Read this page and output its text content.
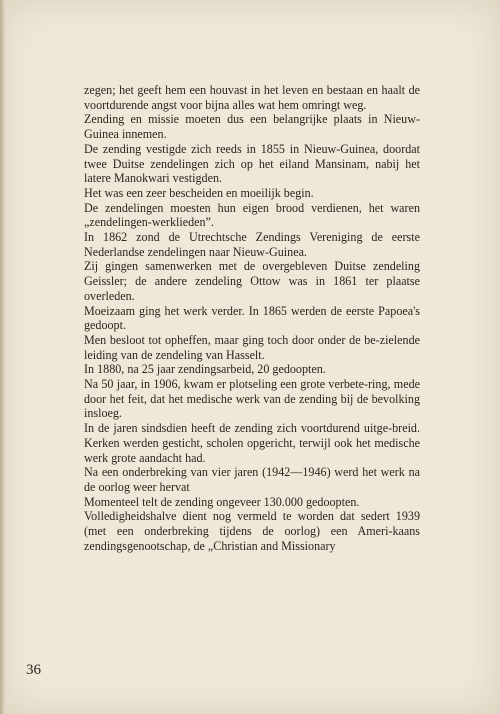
zegen; het geeft hem een houvast in het leven en bestaan en haalt de voortdurende angst voor bijna alles wat hem omringt weg.

Zending en missie moeten dus een belangrijke plaats in Nieuw-Guinea innemen.

De zending vestigde zich reeds in 1855 in Nieuw-Guinea, doordat twee Duitse zendelingen zich op het eiland Mansinam, nabij het latere Manokwari vestigden.

Het was een zeer bescheiden en moeilijk begin.

De zendelingen moesten hun eigen brood verdienen, het waren „zendelingen-werklieden”.

In 1862 zond de Utrechtsche Zendings Vereniging de eerste Nederlandse zendelingen naar Nieuw-Guinea.

Zij gingen samenwerken met de overgebleven Duitse zendeling Geissler; de andere zendeling Ottow was in 1861 ter plaatse overleden.

Moeizaam ging het werk verder. In 1865 werden de eerste Papoea's gedoopt.

Men besloot tot opheffen, maar ging toch door onder de be-zielende leiding van de zendeling van Hasselt.

In 1880, na 25 jaar zendingsarbeid, 20 gedoopten.

Na 50 jaar, in 1906, kwam er plotseling een grote verbete-ring, mede door het feit, dat het medische werk van de zending bij de bevolking insloeg.

In de jaren sindsdien heeft de zending zich voortdurend uitge-breid. Kerken werden gesticht, scholen opgericht, terwijl ook het medische werk grote aandacht had.

Na een onderbreking van vier jaren (1942—1946) werd het werk na de oorlog weer hervat

Momenteel telt de zending ongeveer 130.000 gedoopten.

Volledigheidshalve dient nog vermeld te worden dat sedert 1939 (met een onderbreking tijdens de oorlog) een Ameri-kaans zendingsgenootschap, de „Christian and Missionary

36
